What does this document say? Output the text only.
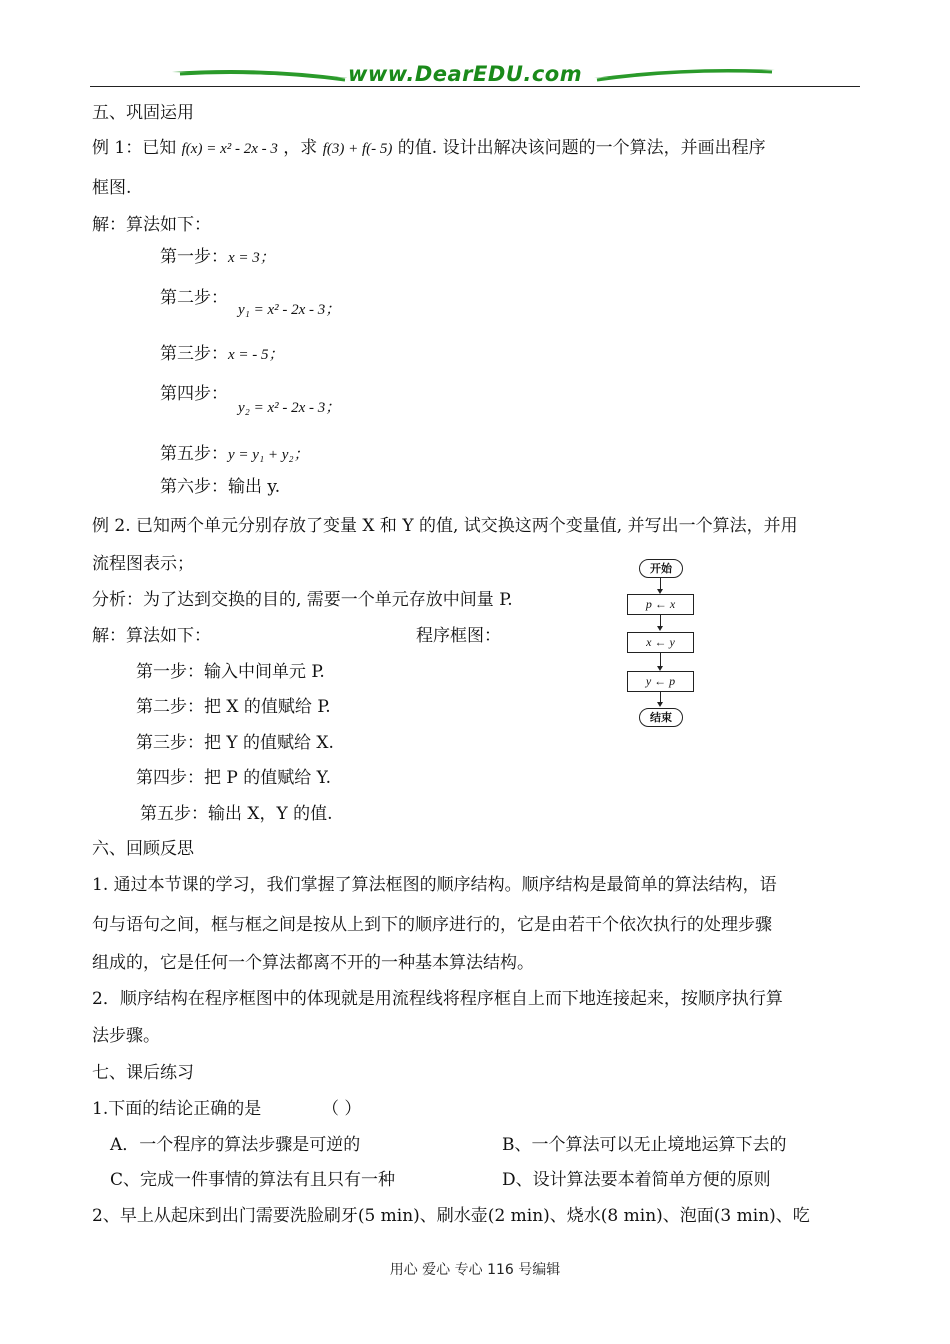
www.DearEDU.com
五、巩固运用
例 1：已知 f(x) = x² - 2x - 3 ，求 f(3) + f(- 5) 的值. 设计出解决该问题的一个算法，并画出程序
框图.
解：算法如下：
第一步：x = 3；
第二步：
y₁ = x² - 2x - 3；
第三步：x = - 5；
第四步：
y₂ = x² - 2x - 3；
第五步：y = y₁ + y₂；
第六步：输出 y.
例 2. 已知两个单元分别存放了变量 X 和 Y 的值, 试交换这两个变量值, 并写出一个算法，并用
流程图表示；
分析：为了达到交换的目的, 需要一个单元存放中间量 P.
解：算法如下：	程序框图：
第一步：输入中间单元 P.
第二步：把 X 的值赋给 P.
第三步：把 Y 的值赋给 X.
第四步：把 P 的值赋给 Y.
第五步：输出 X，Y 的值.
开始
p ← x
x ← y
y ← p
结束
六、回顾反思
1. 通过本节课的学习，我们掌握了算法框图的顺序结构。顺序结构是最简单的算法结构，语
句与语句之间，框与框之间是按从上到下的顺序进行的，它是由若干个依次执行的处理步骤
组成的，它是任何一个算法都离不开的一种基本算法结构。
2．顺序结构在程序框图中的体现就是用流程线将程序框自上而下地连接起来，按顺序执行算
法步骤。
七、课后练习
1.下面的结论正确的是	（ ）
A．一个程序的算法步骤是可逆的	B、一个算法可以无止境地运算下去的
C、完成一件事情的算法有且只有一种	D、设计算法要本着简单方便的原则
2、早上从起床到出门需要洗脸刷牙(5 min)、刷水壶(2 min)、烧水(8 min)、泡面(3 min)、吃
用心 爱心 专心 116 号编辑
